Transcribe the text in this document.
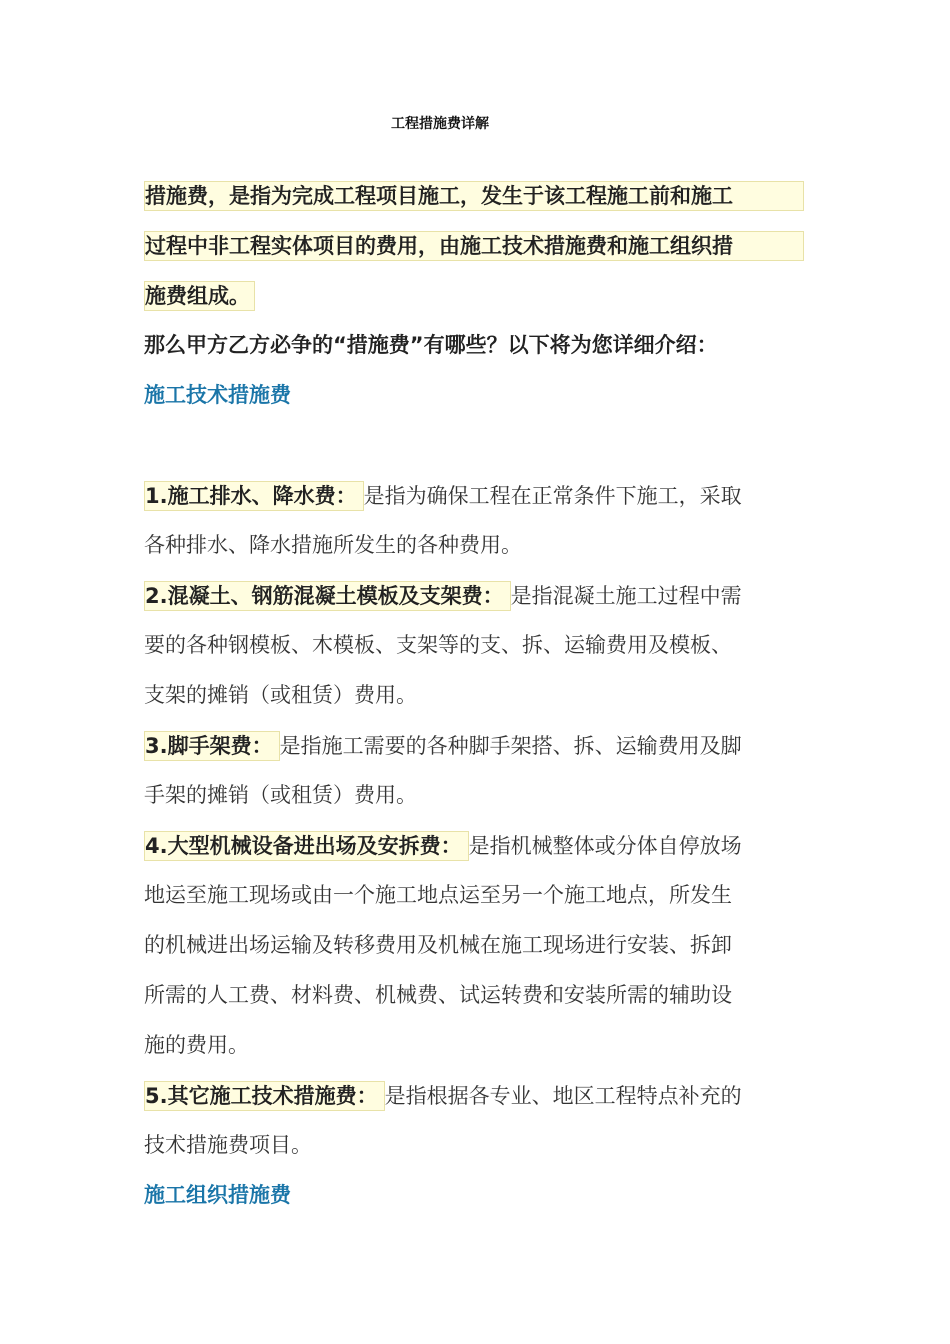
工程措施费详解
措施费，是指为完成工程项目施工，发生于该工程施工前和施工
过程中非工程实体项目的费用，由施工技术措施费和施工组织措
施费组成。
那么甲方乙方必争的“措施费”有哪些？以下将为您详细介绍：
施工技术措施费
1.施工排水、降水费： 是指为确保工程在正常条件下施工，采取
各种排水、降水措施所发生的各种费用。
2.混凝土、钢筋混凝土模板及支架费： 是指混凝土施工过程中需
要的各种钢模板、木模板、支架等的支、拆、运输费用及模板、
支架的摊销（或租赁）费用。
3.脚手架费： 是指施工需要的各种脚手架搭、拆、运输费用及脚
手架的摊销（或租赁）费用。
4.大型机械设备进出场及安拆费： 是指机械整体或分体自停放场
地运至施工现场或由一个施工地点运至另一个施工地点，所发生
的机械进出场运输及转移费用及机械在施工现场进行安装、拆卸
所需的人工费、材料费、机械费、试运转费和安装所需的辅助设
施的费用。
5.其它施工技术措施费： 是指根据各专业、地区工程特点补充的
技术措施费项目。
施工组织措施费
